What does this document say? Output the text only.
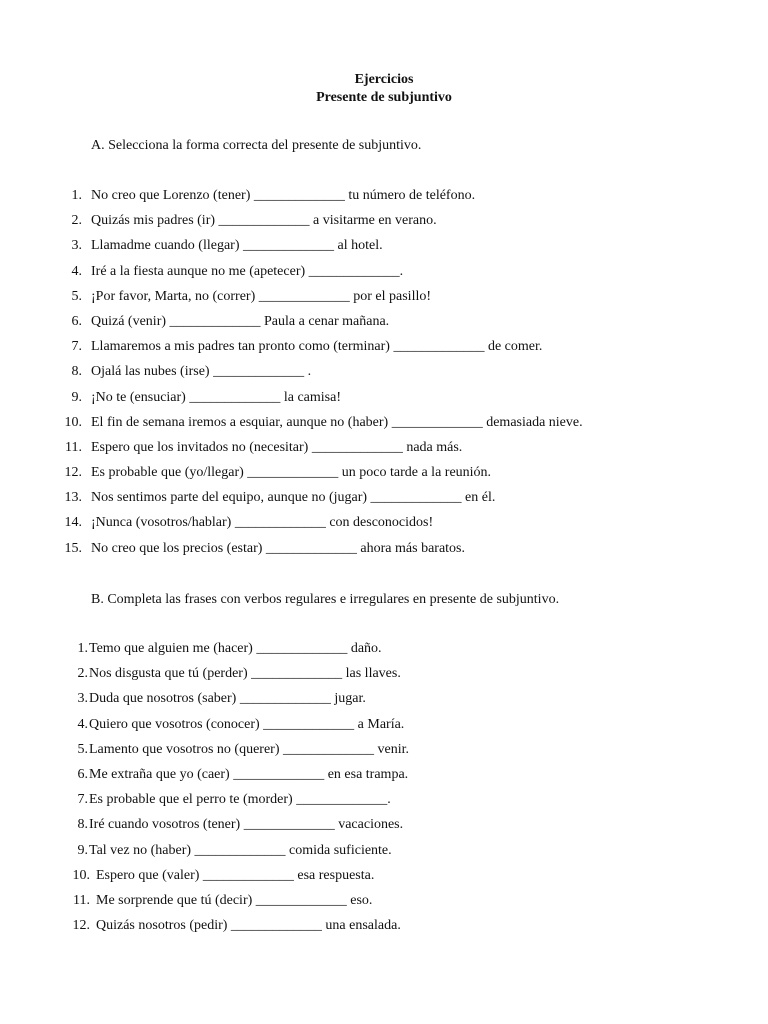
Ejercicios
Presente de subjuntivo
A. Selecciona la forma correcta del presente de subjuntivo.
1. No creo que Lorenzo (tener) _____________ tu número de teléfono.
2. Quizás mis padres (ir) _____________ a visitarme en verano.
3. Llamadme cuando (llegar) _____________ al hotel.
4. Iré a la fiesta aunque no me (apetecer) _____________.
5. ¡Por favor, Marta, no (correr) _____________ por el pasillo!
6. Quizá (venir) _____________ Paula a cenar mañana.
7. Llamaremos a mis padres tan pronto como (terminar) _____________ de comer.
8. Ojalá las nubes (irse) _____________ .
9. ¡No te (ensuciar) _____________ la camisa!
10. El fin de semana iremos a esquiar, aunque no (haber) _____________ demasiada nieve.
11. Espero que los invitados no (necesitar) _____________ nada más.
12. Es probable que (yo/llegar) _____________ un poco tarde a la reunión.
13. Nos sentimos parte del equipo, aunque no (jugar) _____________ en él.
14. ¡Nunca (vosotros/hablar) _____________ con desconocidos!
15. No creo que los precios (estar) _____________ ahora más baratos.
B. Completa las frases con verbos regulares e irregulares en presente de subjuntivo.
1. Temo que alguien me (hacer) _____________ daño.
2. Nos disgusta que tú (perder) _____________ las llaves.
3. Duda que nosotros (saber) _____________ jugar.
4. Quiero que vosotros (conocer) _____________ a María.
5. Lamento que vosotros no (querer) _____________ venir.
6. Me extraña que yo (caer) _____________ en esa trampa.
7. Es probable que el perro te (morder) _____________.
8. Iré cuando vosotros (tener) _____________ vacaciones.
9. Tal vez no (haber) _____________ comida suficiente.
10. Espero que (valer) _____________ esa respuesta.
11. Me sorprende que tú (decir) _____________ eso.
12. Quizás nosotros (pedir) _____________ una ensalada.
